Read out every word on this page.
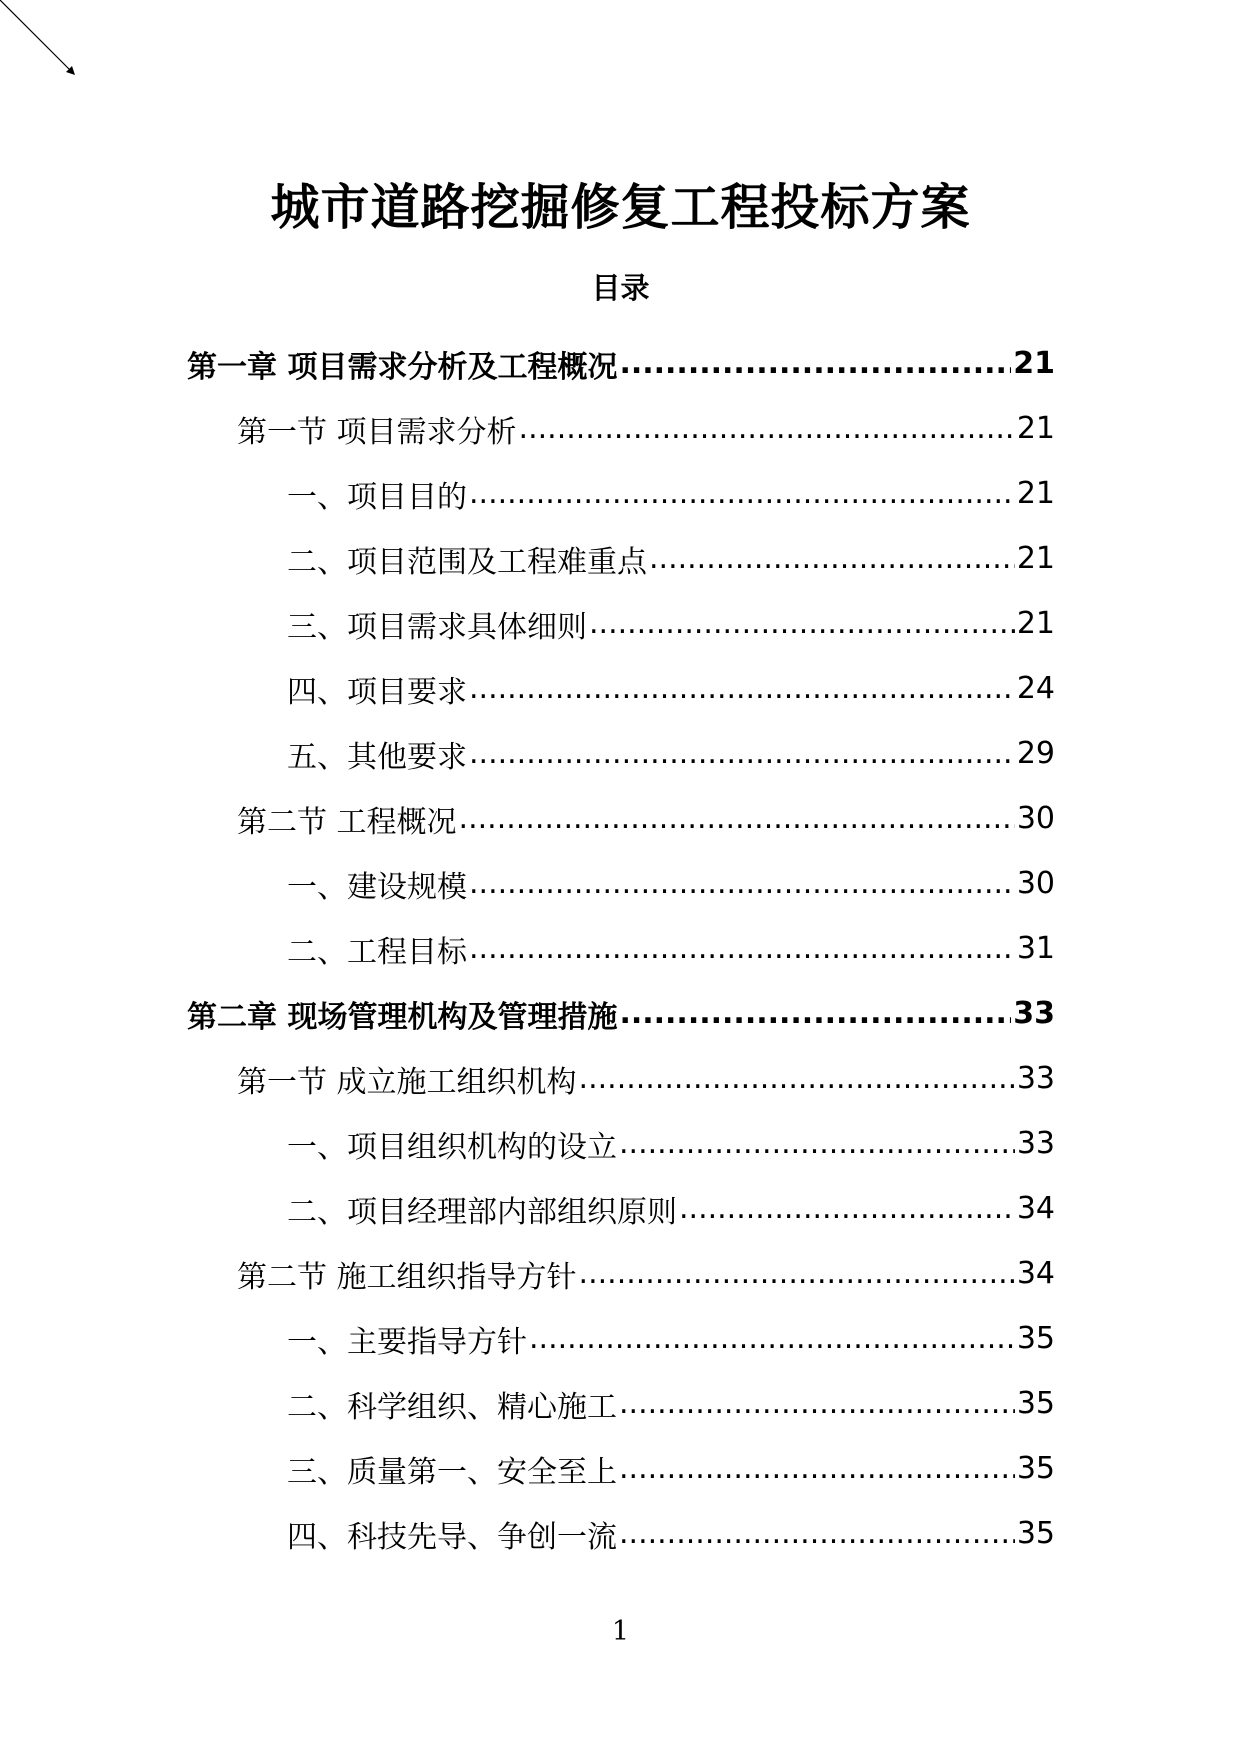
城市道路挖掘修复工程投标方案
目录
第一章 项目需求分析及工程概况 .....	21
第一节 项目需求分析 .....	21
一、项目目的 .....	21
二、项目范围及工程难重点 .....	21
三、项目需求具体细则 .....	21
四、项目要求 .....	24
五、其他要求 .....	29
第二节 工程概况 .....	30
一、建设规模 .....	30
二、工程目标 .....	31
第二章 现场管理机构及管理措施 .....	33
第一节 成立施工组织机构 .....	33
一、项目组织机构的设立 .....	33
二、项目经理部内部组织原则 .....	34
第二节 施工组织指导方针 .....	34
一、主要指导方针 .....	35
二、科学组织、精心施工 .....	35
三、质量第一、安全至上 .....	35
四、科技先导、争创一流 .....	35
1
